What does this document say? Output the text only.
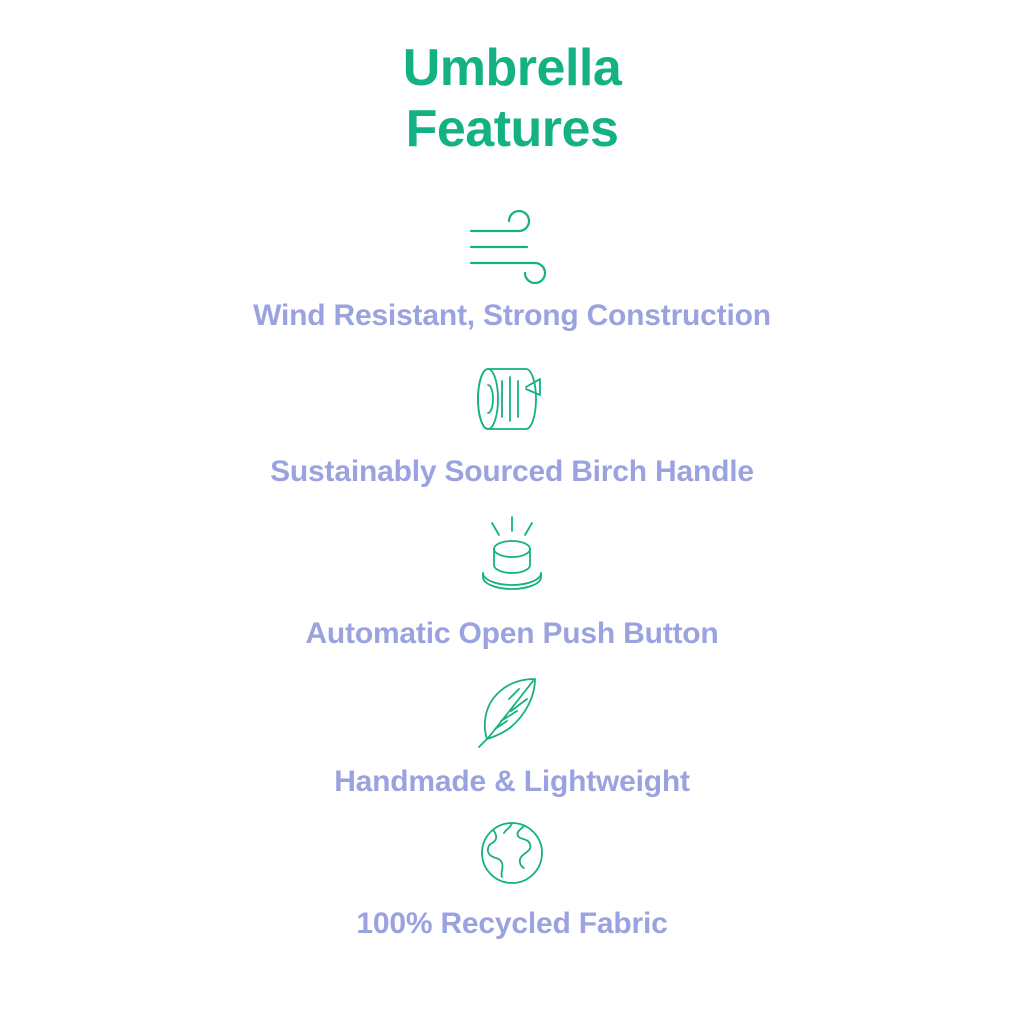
Umbrella Features
Wind Resistant, Strong Construction
Sustainably Sourced Birch Handle
Automatic Open Push Button
Handmade & Lightweight
100% Recycled Fabric
